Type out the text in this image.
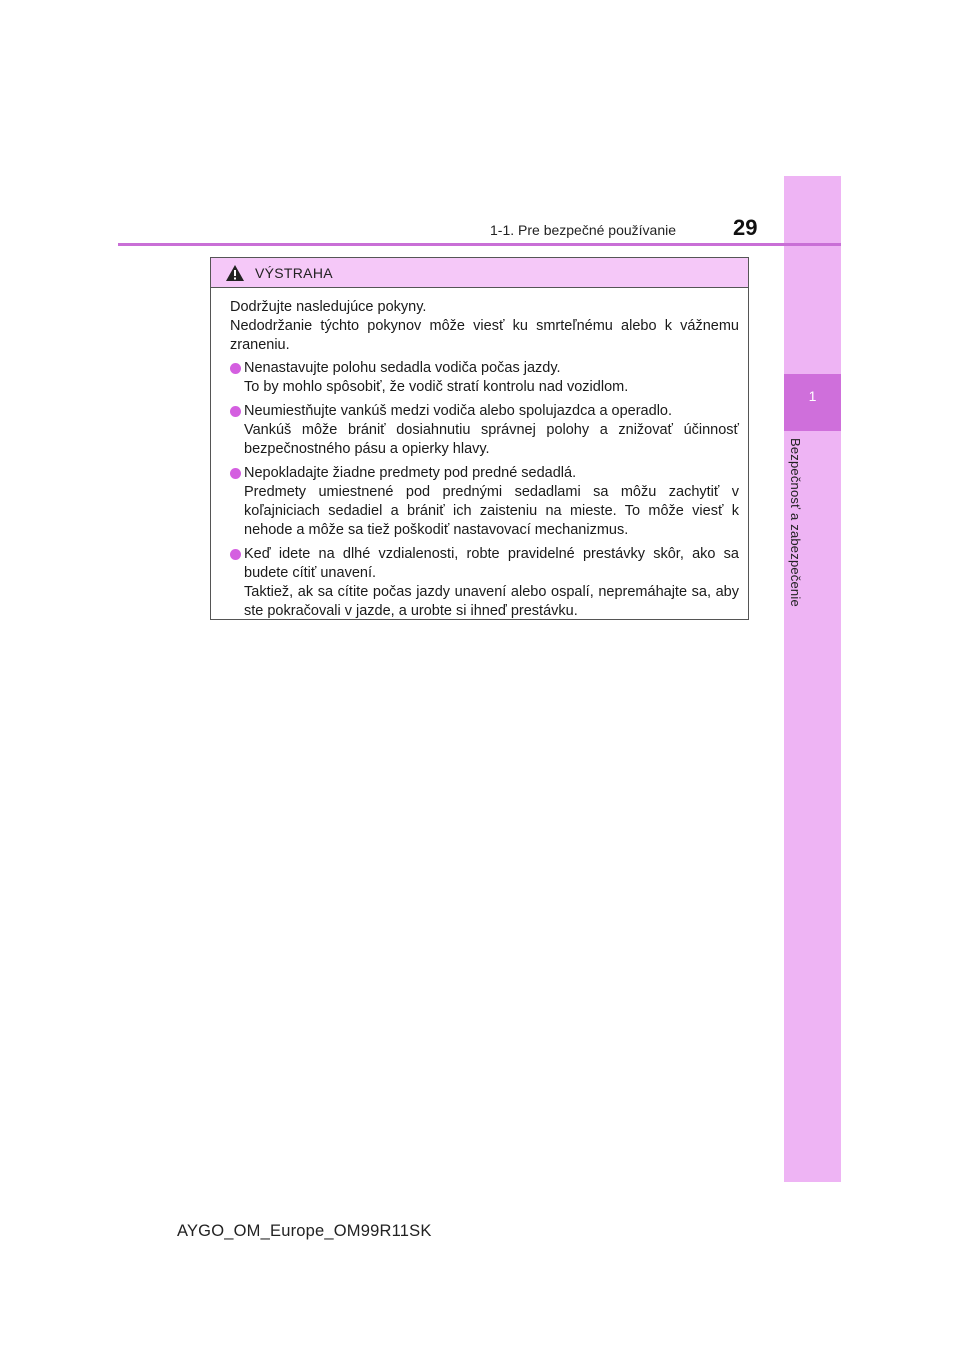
1
Bezpečnosť a zabezpečenie
1-1. Pre bezpečné používanie	29
VÝSTRAHA

Dodržujte nasledujúce pokyny.
Nedodržanie týchto pokynov môže viesť ku smrteľnému alebo k vážnemu zraneniu.

Nenastavujte polohu sedadla vodiča počas jazdy.
To by mohlo spôsobiť, že vodič stratí kontrolu nad vozidlom.
Neumiestňujte vankúš medzi vodiča alebo spolujazdca a operadlo.
Vankúš môže brániť dosiahnutiu správnej polohy a znižovať účinnosť bezpečnostného pásu a opierky hlavy.
Nepokladajte žiadne predmety pod predné sedadlá.
Predmety umiestnené pod prednými sedadlami sa môžu zachytiť v koľajniciach sedadiel a brániť ich zaisteniu na mieste. To môže viesť k nehode a môže sa tiež poškodiť nastavovací mechanizmus.
Keď idete na dlhé vzdialenosti, robte pravidelné prestávky skôr, ako sa budete cítiť unavení.
Taktiež, ak sa cítite počas jazdy unavení alebo ospalí, nepremáhajte sa, aby ste pokračovali v jazde, a urobte si ihneď prestávku.
AYGO_OM_Europe_OM99R11SK
